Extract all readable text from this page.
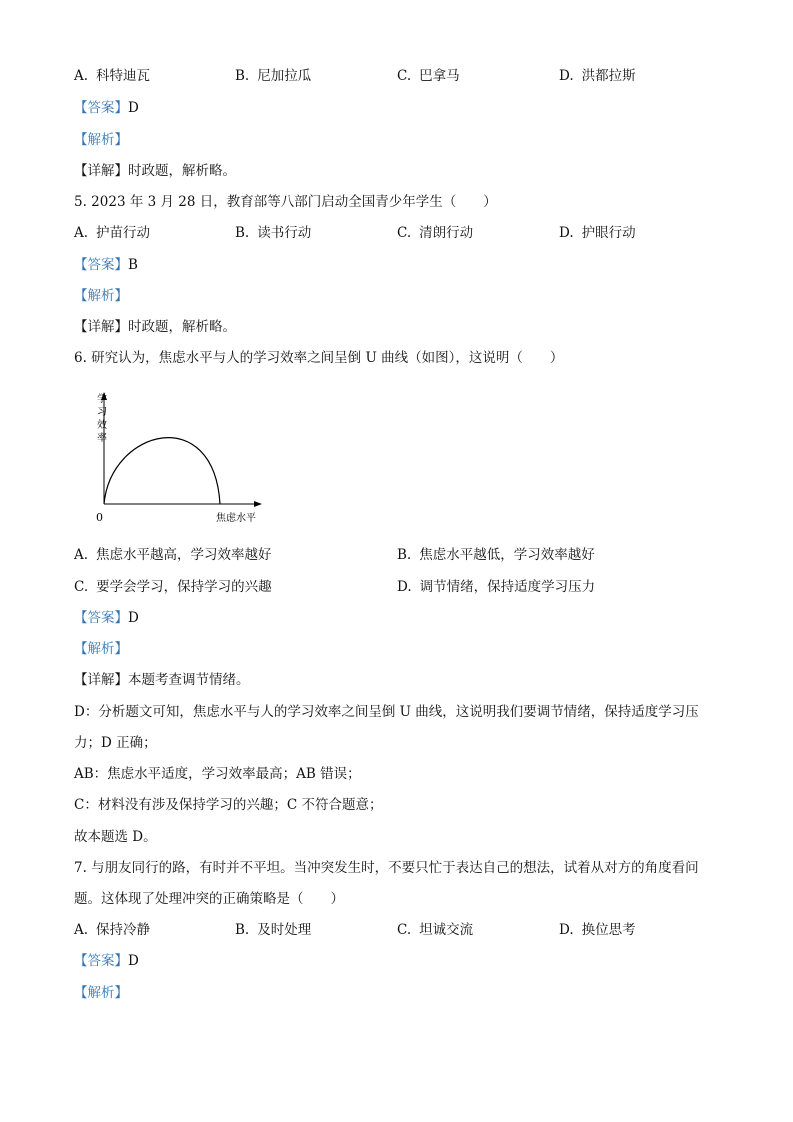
A. 科特迪瓦	B. 尼加拉瓜	C. 巴拿马	D. 洪都拉斯
【答案】D
【解析】
【详解】时政题，解析略。
5. 2023 年 3 月 28 日，教育部等八部门启动全国青少年学生（　　）
A. 护苗行动	B. 读书行动	C. 清朗行动	D. 护眼行动
【答案】B
【解析】
【详解】时政题，解析略。
6. 研究认为，焦虑水平与人的学习效率之间呈倒 U 曲线（如图），这说明（　　）
学
习
效
率
0	焦虑水平
A. 焦虑水平越高，学习效率越好	B. 焦虑水平越低，学习效率越好
C. 要学会学习，保持学习的兴趣	D. 调节情绪，保持适度学习压力
【答案】D
【解析】
【详解】本题考查调节情绪。
D：分析题文可知，焦虑水平与人的学习效率之间呈倒 U 曲线，这说明我们要调节情绪，保持适度学习压
力；D 正确；
AB：焦虑水平适度，学习效率最高；AB 错误；
C：材料没有涉及保持学习的兴趣；C 不符合题意；
故本题选 D。
7. 与朋友同行的路，有时并不平坦。当冲突发生时，不要只忙于表达自己的想法，试着从对方的角度看问
题。这体现了处理冲突的正确策略是（　　）
A. 保持冷静	B. 及时处理	C. 坦诚交流	D. 换位思考
【答案】D
【解析】
